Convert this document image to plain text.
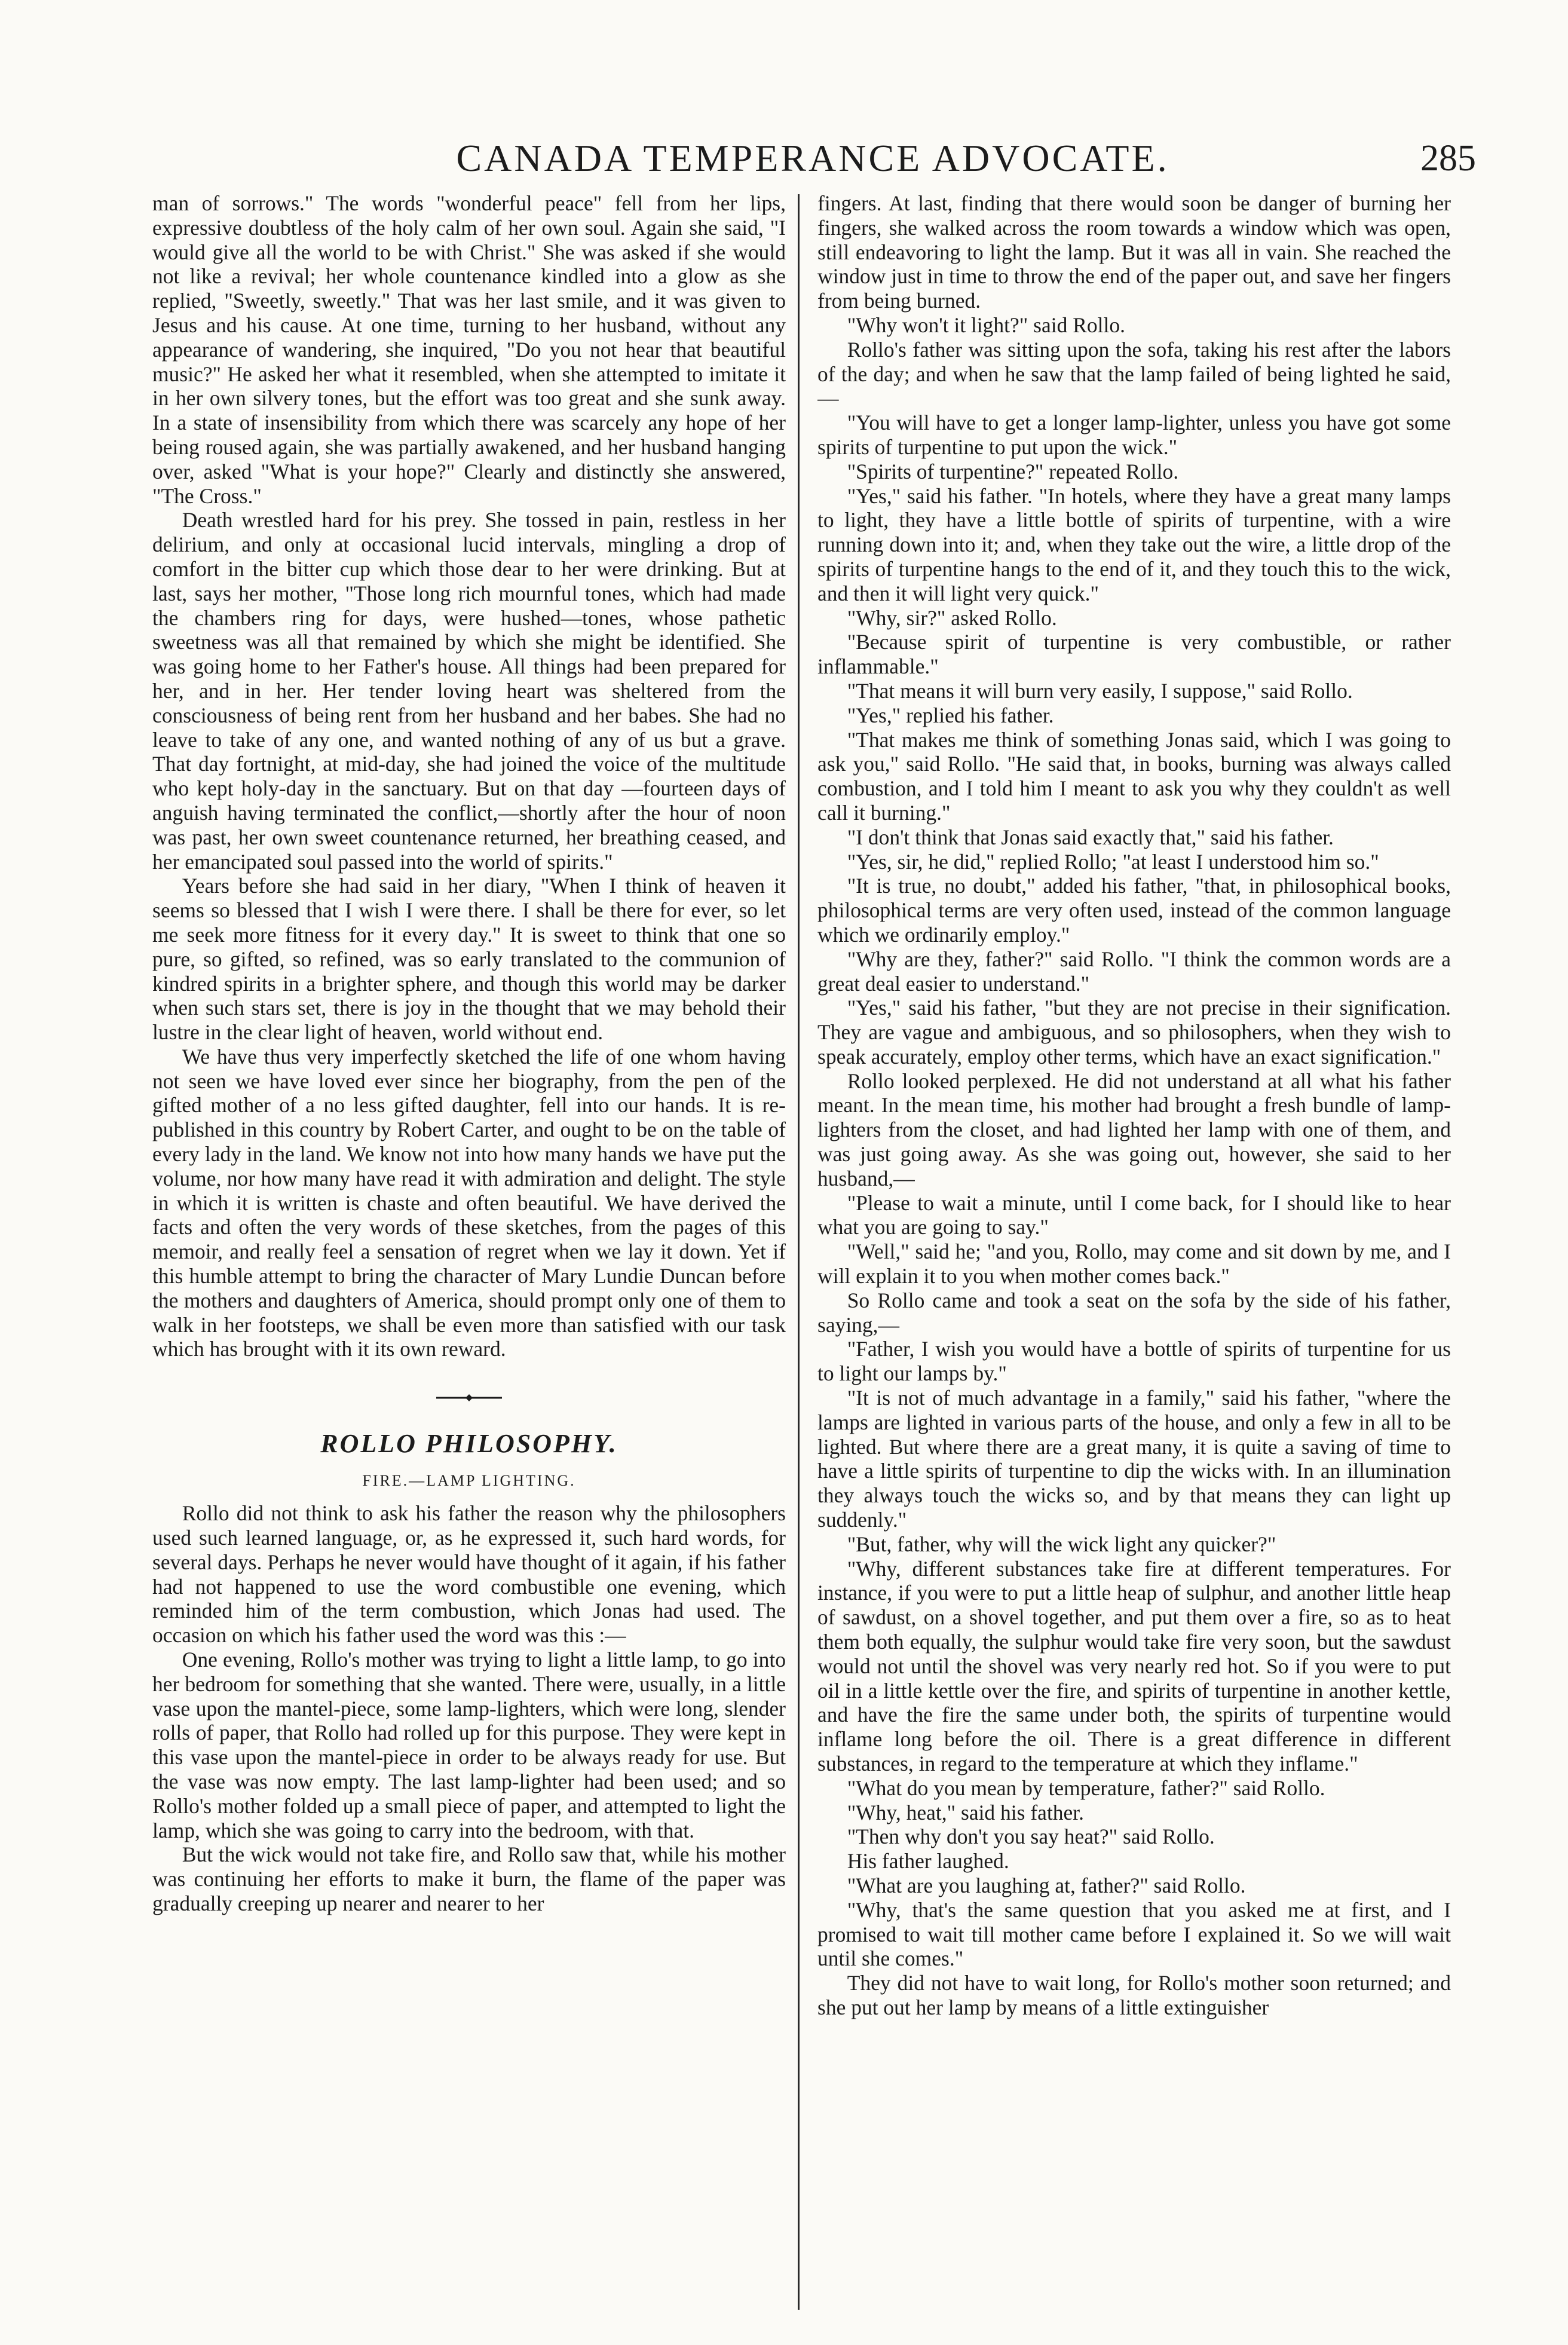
CANADA TEMPERANCE ADVOCATE.	285

man of sorrows." The words "wonderful peace" fell from her lips, expressive doubtless of the holy calm of her own soul. Again she said, "I would give all the world to be with Christ." She was asked if she would not like a revival; her whole countenance kindled into a glow as she replied, "Sweetly, sweetly." That was her last smile, and it was given to Jesus and his cause. At one time, turning to her husband, without any appearance of wandering, she inquired, "Do you not hear that beautiful music?" He asked her what it resembled, when she attempted to imitate it in her own silvery tones, but the effort was too great and she sunk away. In a state of insensibility from which there was scarcely any hope of her being roused again, she was partially awakened, and her husband hanging over, asked "What is your hope?" Clearly and distinctly she answered, "The Cross."

Death wrestled hard for his prey. She tossed in pain, restless in her delirium, and only at occasional lucid intervals, mingling a drop of comfort in the bitter cup which those dear to her were drinking. But at last, says her mother, "Those long rich mournful tones, which had made the chambers ring for days, were hushed—tones, whose pathetic sweetness was all that remained by which she might be identified. She was going home to her Father's house. All things had been prepared for her, and in her. Her tender loving heart was sheltered from the consciousness of being rent from her husband and her babes. She had no leave to take of any one, and wanted nothing of any of us but a grave. That day fortnight, at mid-day, she had joined the voice of the multitude who kept holy-day in the sanctuary. But on that day —fourteen days of anguish having terminated the conflict,—shortly after the hour of noon was past, her own sweet countenance returned, her breathing ceased, and her emancipated soul passed into the world of spirits."

Years before she had said in her diary, "When I think of heaven it seems so blessed that I wish I were there. I shall be there for ever, so let me seek more fitness for it every day." It is sweet to think that one so pure, so gifted, so refined, was so early translated to the communion of kindred spirits in a brighter sphere, and though this world may be darker when such stars set, there is joy in the thought that we may behold their lustre in the clear light of heaven, world without end.

We have thus very imperfectly sketched the life of one whom having not seen we have loved ever since her biography, from the pen of the gifted mother of a no less gifted daughter, fell into our hands. It is re-published in this country by Robert Carter, and ought to be on the table of every lady in the land. We know not into how many hands we have put the volume, nor how many have read it with admiration and delight. The style in which it is written is chaste and often beautiful. We have derived the facts and often the very words of these sketches, from the pages of this memoir, and really feel a sensation of regret when we lay it down. Yet if this humble attempt to bring the character of Mary Lundie Duncan before the mothers and daughters of America, should prompt only one of them to walk in her footsteps, we shall be even more than satisfied with our task which has brought with it its own reward.

ROLLO PHILOSOPHY.
FIRE.—LAMP LIGHTING.

Rollo did not think to ask his father the reason why the philosophers used such learned language, or, as he expressed it, such hard words, for several days. Perhaps he never would have thought of it again, if his father had not happened to use the word combustible one evening, which reminded him of the term combustion, which Jonas had used. The occasion on which his father used the word was this :—

One evening, Rollo's mother was trying to light a little lamp, to go into her bedroom for something that she wanted. There were, usually, in a little vase upon the mantel-piece, some lamp-lighters, which were long, slender rolls of paper, that Rollo had rolled up for this purpose. They were kept in this vase upon the mantel-piece in order to be always ready for use. But the vase was now empty. The last lamp-lighter had been used; and so Rollo's mother folded up a small piece of paper, and attempted to light the lamp, which she was going to carry into the bedroom, with that.

But the wick would not take fire, and Rollo saw that, while his mother was continuing her efforts to make it burn, the flame of the paper was gradually creeping up nearer and nearer to her

fingers. At last, finding that there would soon be danger of burning her fingers, she walked across the room towards a window which was open, still endeavoring to light the lamp. But it was all in vain. She reached the window just in time to throw the end of the paper out, and save her fingers from being burned.

"Why won't it light?" said Rollo.

Rollo's father was sitting upon the sofa, taking his rest after the labors of the day; and when he saw that the lamp failed of being lighted he said,—

"You will have to get a longer lamp-lighter, unless you have got some spirits of turpentine to put upon the wick."

"Spirits of turpentine?" repeated Rollo.

"Yes," said his father. "In hotels, where they have a great many lamps to light, they have a little bottle of spirits of turpentine, with a wire running down into it; and, when they take out the wire, a little drop of the spirits of turpentine hangs to the end of it, and they touch this to the wick, and then it will light very quick."

"Why, sir?" asked Rollo.

"Because spirit of turpentine is very combustible, or rather inflammable."

"That means it will burn very easily, I suppose," said Rollo.

"Yes," replied his father.

"That makes me think of something Jonas said, which I was going to ask you," said Rollo. "He said that, in books, burning was always called combustion, and I told him I meant to ask you why they couldn't as well call it burning."

"I don't think that Jonas said exactly that," said his father.

"Yes, sir, he did," replied Rollo; "at least I understood him so."

"It is true, no doubt," added his father, "that, in philosophical books, philosophical terms are very often used, instead of the common language which we ordinarily employ."

"Why are they, father?" said Rollo. "I think the common words are a great deal easier to understand."

"Yes," said his father, "but they are not precise in their signification. They are vague and ambiguous, and so philosophers, when they wish to speak accurately, employ other terms, which have an exact signification."

Rollo looked perplexed. He did not understand at all what his father meant. In the mean time, his mother had brought a fresh bundle of lamp-lighters from the closet, and had lighted her lamp with one of them, and was just going away. As she was going out, however, she said to her husband,—

"Please to wait a minute, until I come back, for I should like to hear what you are going to say."

"Well," said he; "and you, Rollo, may come and sit down by me, and I will explain it to you when mother comes back."

So Rollo came and took a seat on the sofa by the side of his father, saying,—

"Father, I wish you would have a bottle of spirits of turpentine for us to light our lamps by."

"It is not of much advantage in a family," said his father, "where the lamps are lighted in various parts of the house, and only a few in all to be lighted. But where there are a great many, it is quite a saving of time to have a little spirits of turpentine to dip the wicks with. In an illumination they always touch the wicks so, and by that means they can light up suddenly."

"But, father, why will the wick light any quicker?"

"Why, different substances take fire at different temperatures. For instance, if you were to put a little heap of sulphur, and another little heap of sawdust, on a shovel together, and put them over a fire, so as to heat them both equally, the sulphur would take fire very soon, but the sawdust would not until the shovel was very nearly red hot. So if you were to put oil in a little kettle over the fire, and spirits of turpentine in another kettle, and have the fire the same under both, the spirits of turpentine would inflame long before the oil. There is a great difference in different substances, in regard to the temperature at which they inflame."

"What do you mean by temperature, father?" said Rollo.

"Why, heat," said his father.

"Then why don't you say heat?" said Rollo.

His father laughed.

"What are you laughing at, father?" said Rollo.

"Why, that's the same question that you asked me at first, and I promised to wait till mother came before I explained it. So we will wait until she comes."

They did not have to wait long, for Rollo's mother soon returned; and she put out her lamp by means of a little extinguisher
